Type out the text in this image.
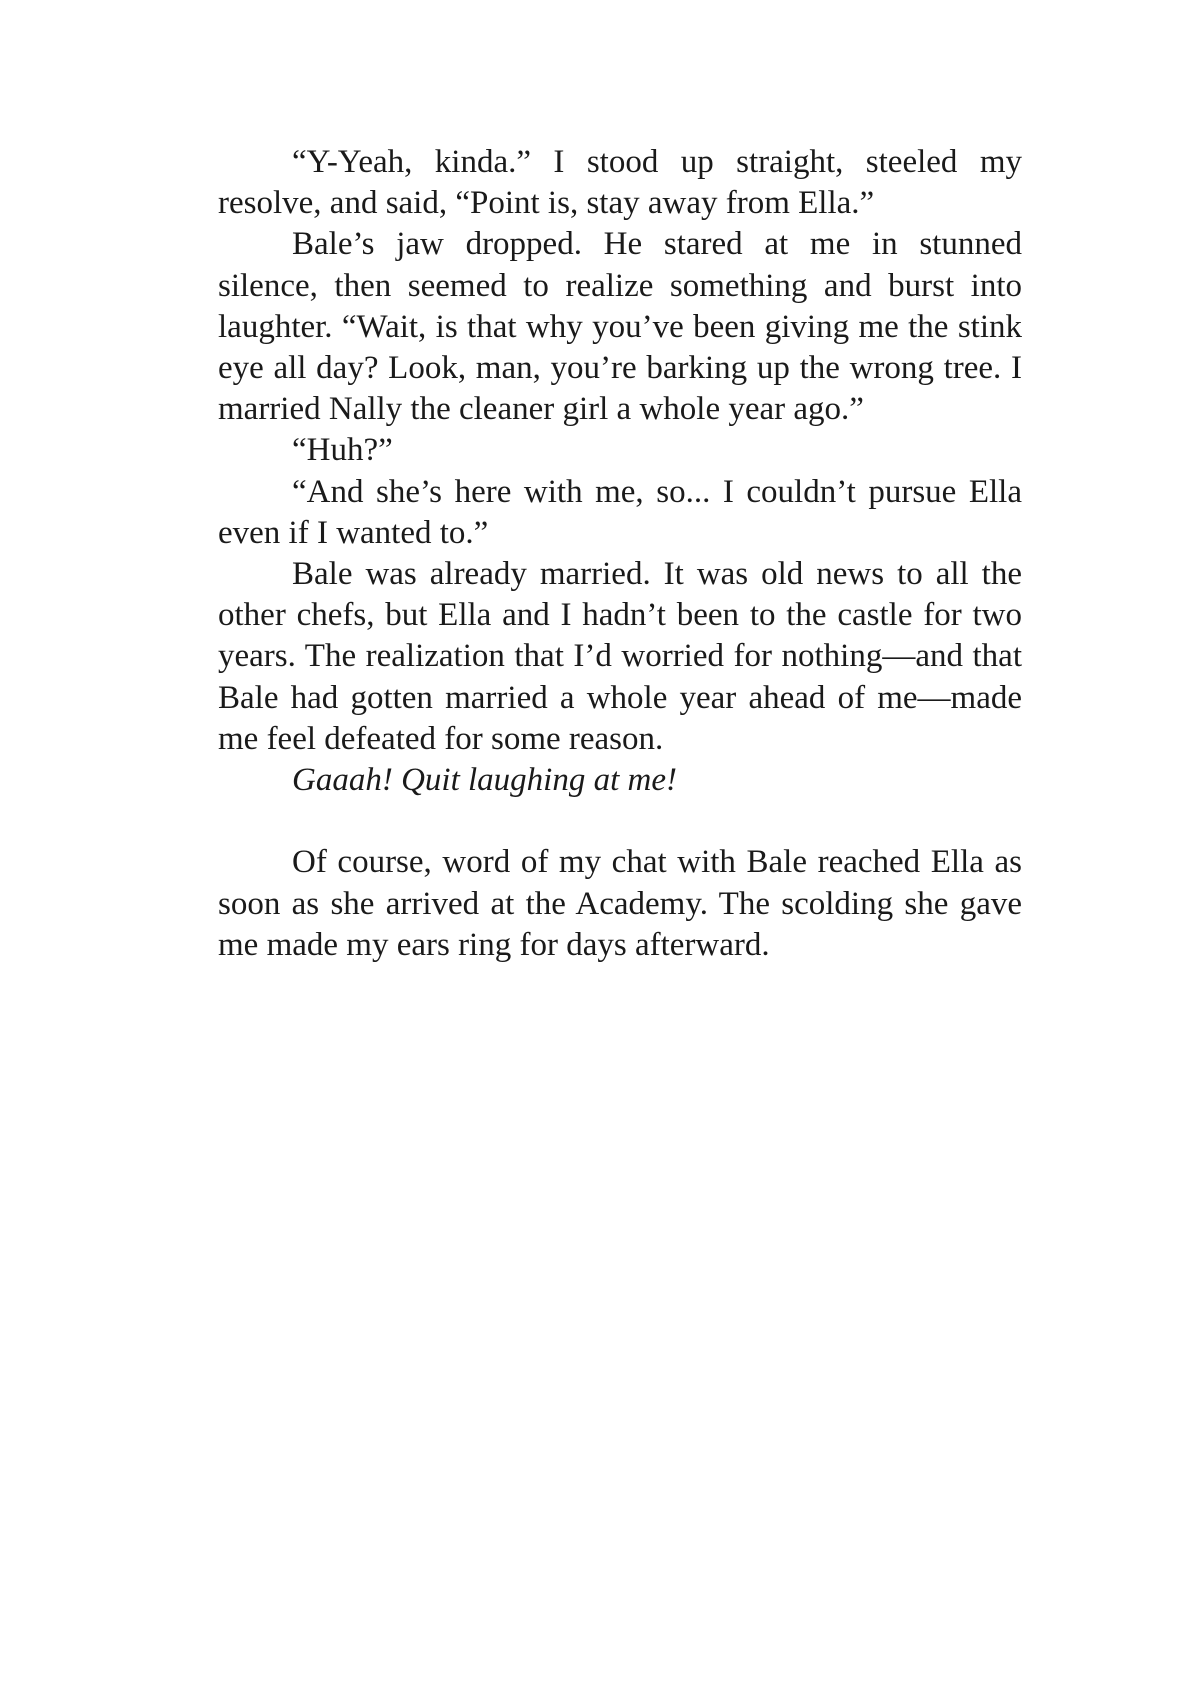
“Y-Yeah, kinda.” I stood up straight, steeled my resolve, and said, “Point is, stay away from Ella.”

Bale’s jaw dropped. He stared at me in stunned silence, then seemed to realize something and burst into laughter. “Wait, is that why you’ve been giving me the stink eye all day? Look, man, you’re barking up the wrong tree. I married Nally the cleaner girl a whole year ago.”

“Huh?”

“And she’s here with me, so... I couldn’t pursue Ella even if I wanted to.”

Bale was already married. It was old news to all the other chefs, but Ella and I hadn’t been to the castle for two years. The realization that I’d worried for nothing—and that Bale had gotten married a whole year ahead of me—made me feel defeated for some reason.

Gaaah! Quit laughing at me!

Of course, word of my chat with Bale reached Ella as soon as she arrived at the Academy. The scolding she gave me made my ears ring for days afterward.
